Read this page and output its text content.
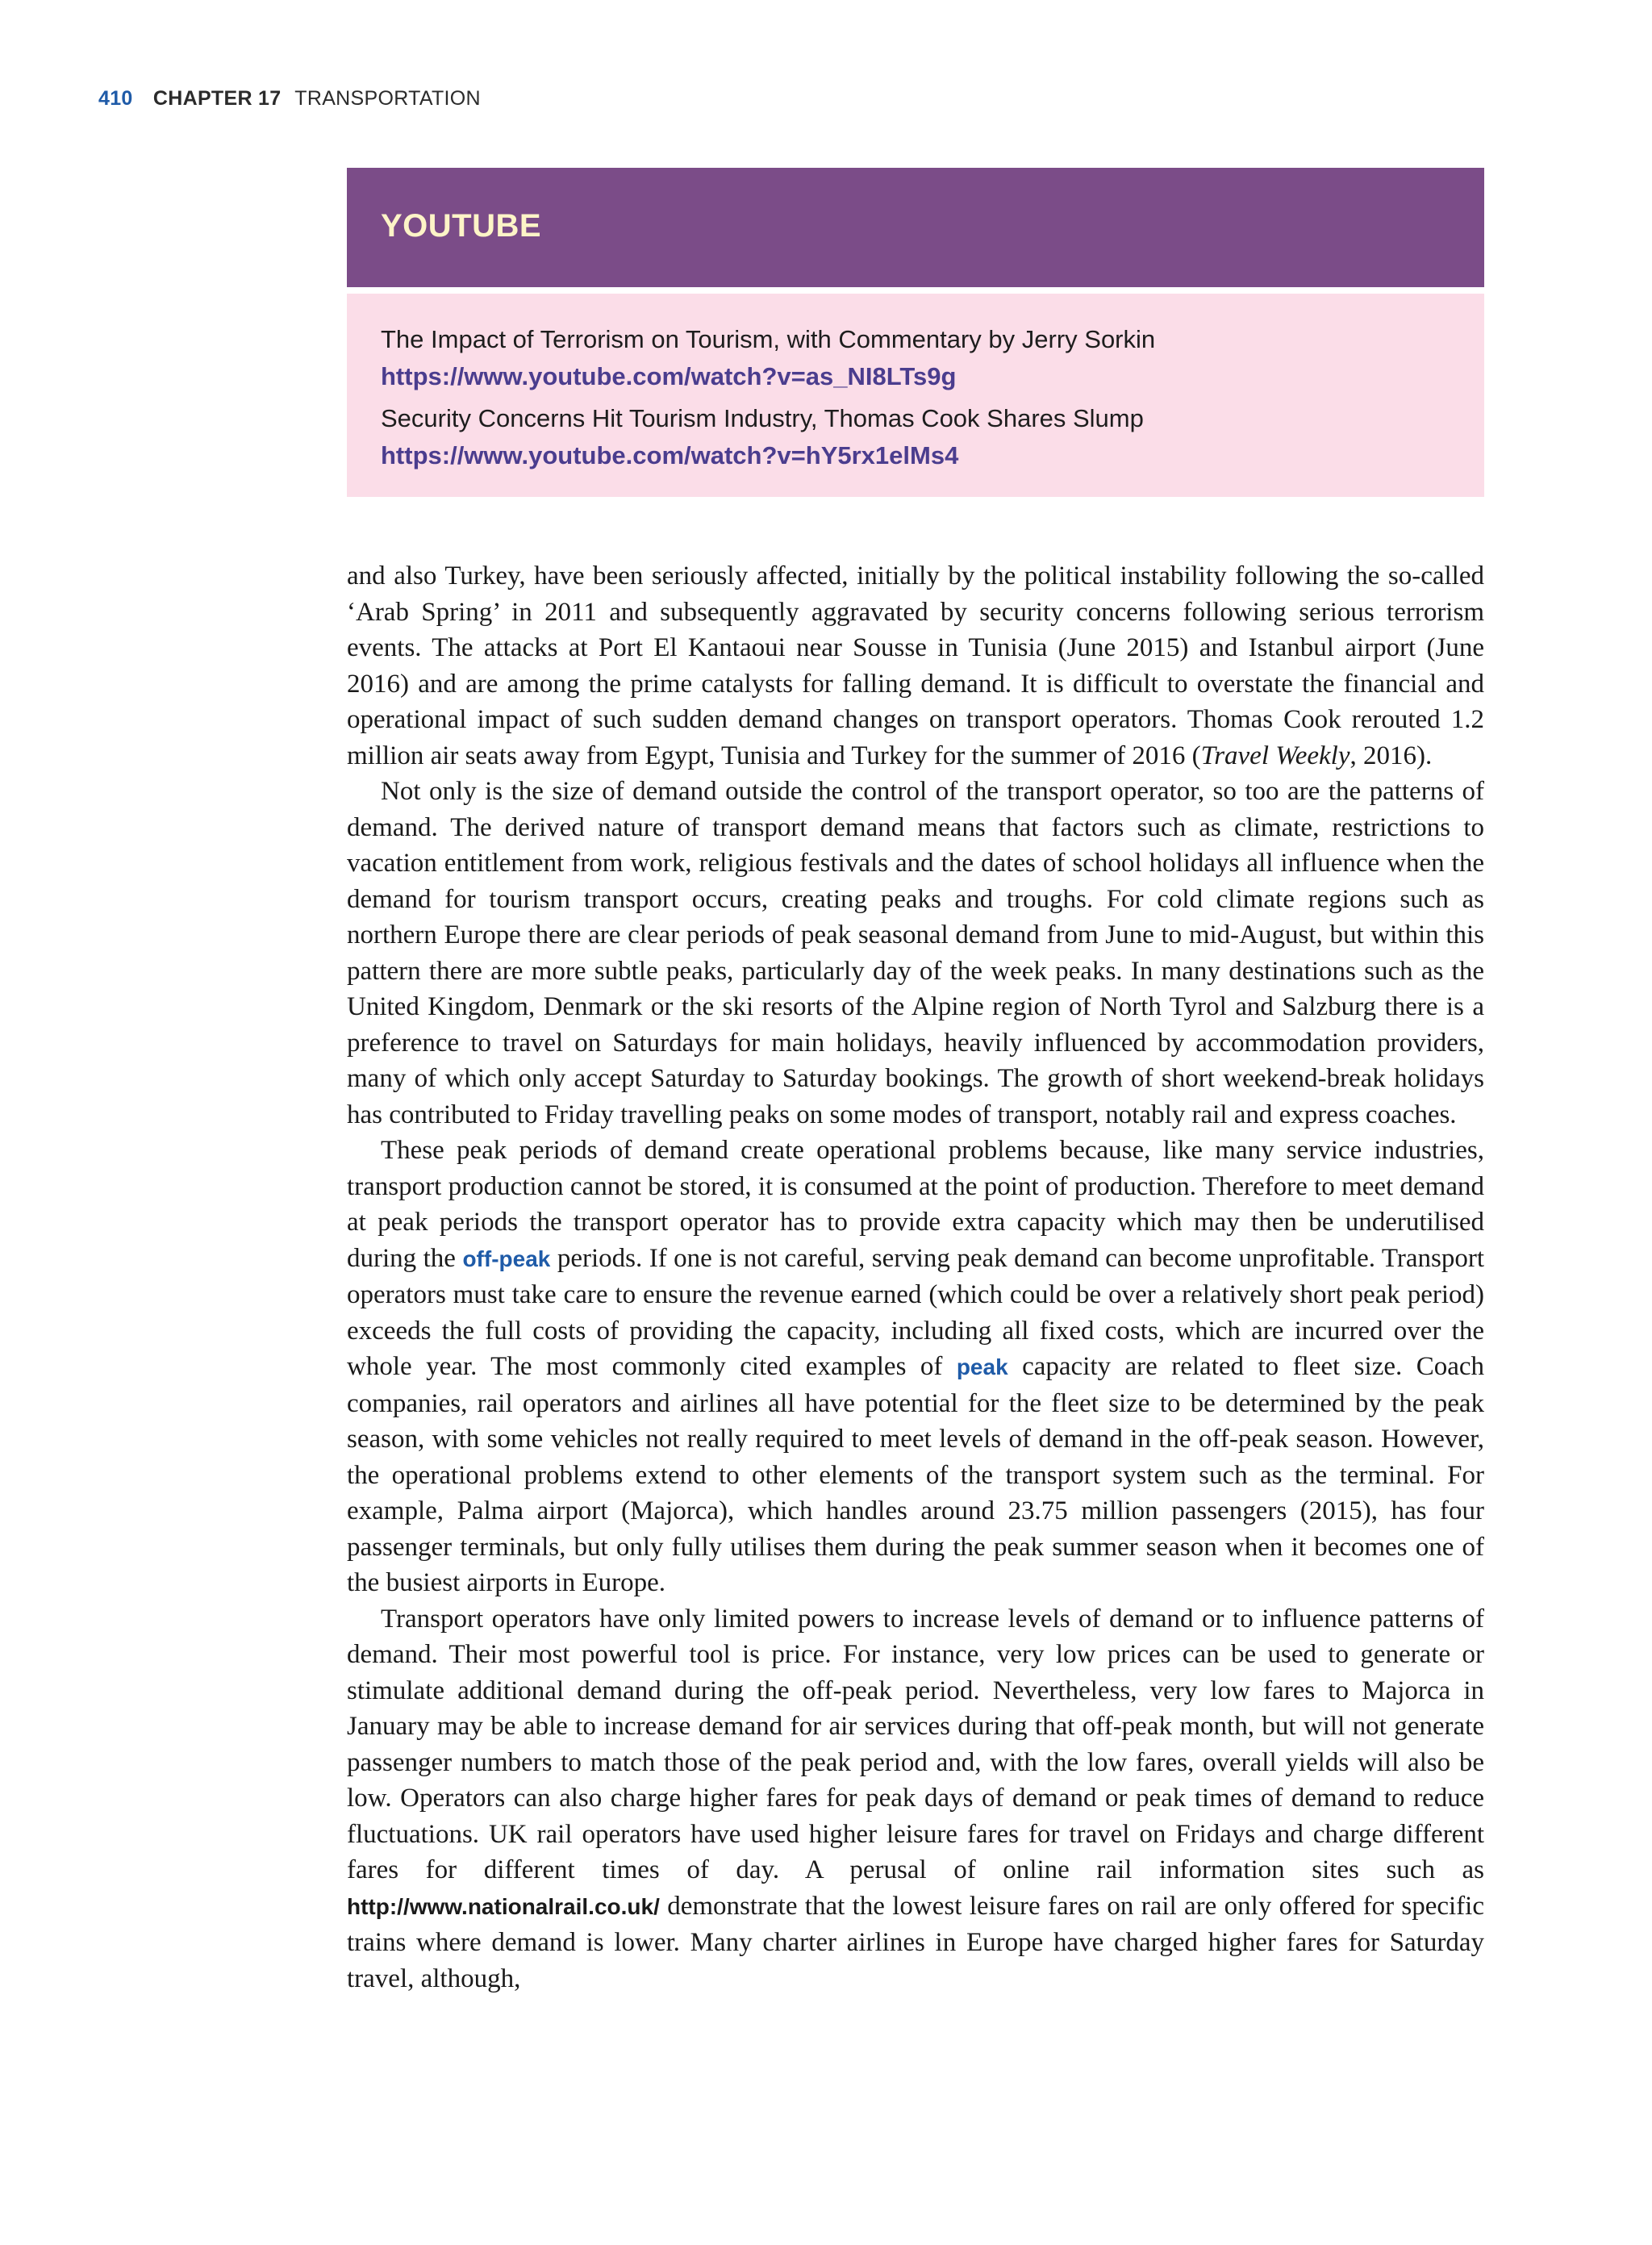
410 CHAPTER 17 TRANSPORTATION
YOUTUBE
The Impact of Terrorism on Tourism, with Commentary by Jerry Sorkin
https://www.youtube.com/watch?v=as_NI8LTs9g
Security Concerns Hit Tourism Industry, Thomas Cook Shares Slump
https://www.youtube.com/watch?v=hY5rx1elMs4

and also Turkey, have been seriously affected, initially by the political instability following the so-called ‘Arab Spring’ in 2011 and subsequently aggravated by security concerns following serious terrorism events. The attacks at Port El Kantaoui near Sousse in Tunisia (June 2015) and Istanbul airport (June 2016) and are among the prime catalysts for falling demand. It is difficult to overstate the financial and operational impact of such sudden demand changes on transport operators. Thomas Cook rerouted 1.2 million air seats away from Egypt, Tunisia and Turkey for the summer of 2016 (Travel Weekly, 2016).

Not only is the size of demand outside the control of the transport operator, so too are the patterns of demand. The derived nature of transport demand means that factors such as climate, restrictions to vacation entitlement from work, religious festivals and the dates of school holidays all influence when the demand for tourism transport occurs, creating peaks and troughs. For cold climate regions such as northern Europe there are clear periods of peak seasonal demand from June to mid-August, but within this pattern there are more subtle peaks, particularly day of the week peaks. In many destinations such as the United Kingdom, Denmark or the ski resorts of the Alpine region of North Tyrol and Salzburg there is a preference to travel on Saturdays for main holidays, heavily influenced by accommodation providers, many of which only accept Saturday to Saturday bookings. The growth of short weekend-break holidays has contributed to Friday travelling peaks on some modes of transport, notably rail and express coaches.

These peak periods of demand create operational problems because, like many service industries, transport production cannot be stored, it is consumed at the point of production. Therefore to meet demand at peak periods the transport operator has to provide extra capacity which may then be underutilised during the off-peak periods. If one is not careful, serving peak demand can become unprofitable. Transport operators must take care to ensure the revenue earned (which could be over a relatively short peak period) exceeds the full costs of providing the capacity, including all fixed costs, which are incurred over the whole year. The most commonly cited examples of peak capacity are related to fleet size. Coach companies, rail operators and airlines all have potential for the fleet size to be determined by the peak season, with some vehicles not really required to meet levels of demand in the off-peak season. However, the operational problems extend to other elements of the transport system such as the terminal. For example, Palma airport (Majorca), which handles around 23.75 million passengers (2015), has four passenger terminals, but only fully utilises them during the peak summer season when it becomes one of the busiest airports in Europe.

Transport operators have only limited powers to increase levels of demand or to influence patterns of demand. Their most powerful tool is price. For instance, very low prices can be used to generate or stimulate additional demand during the off-peak period. Nevertheless, very low fares to Majorca in January may be able to increase demand for air services during that off-peak month, but will not generate passenger numbers to match those of the peak period and, with the low fares, overall yields will also be low. Operators can also charge higher fares for peak days of demand or peak times of demand to reduce fluctuations. UK rail operators have used higher leisure fares for travel on Fridays and charge different fares for different times of day. A perusal of online rail information sites such as http://www.nationalrail.co.uk/ demonstrate that the lowest leisure fares on rail are only offered for specific trains where demand is lower. Many charter airlines in Europe have charged higher fares for Saturday travel, although,
